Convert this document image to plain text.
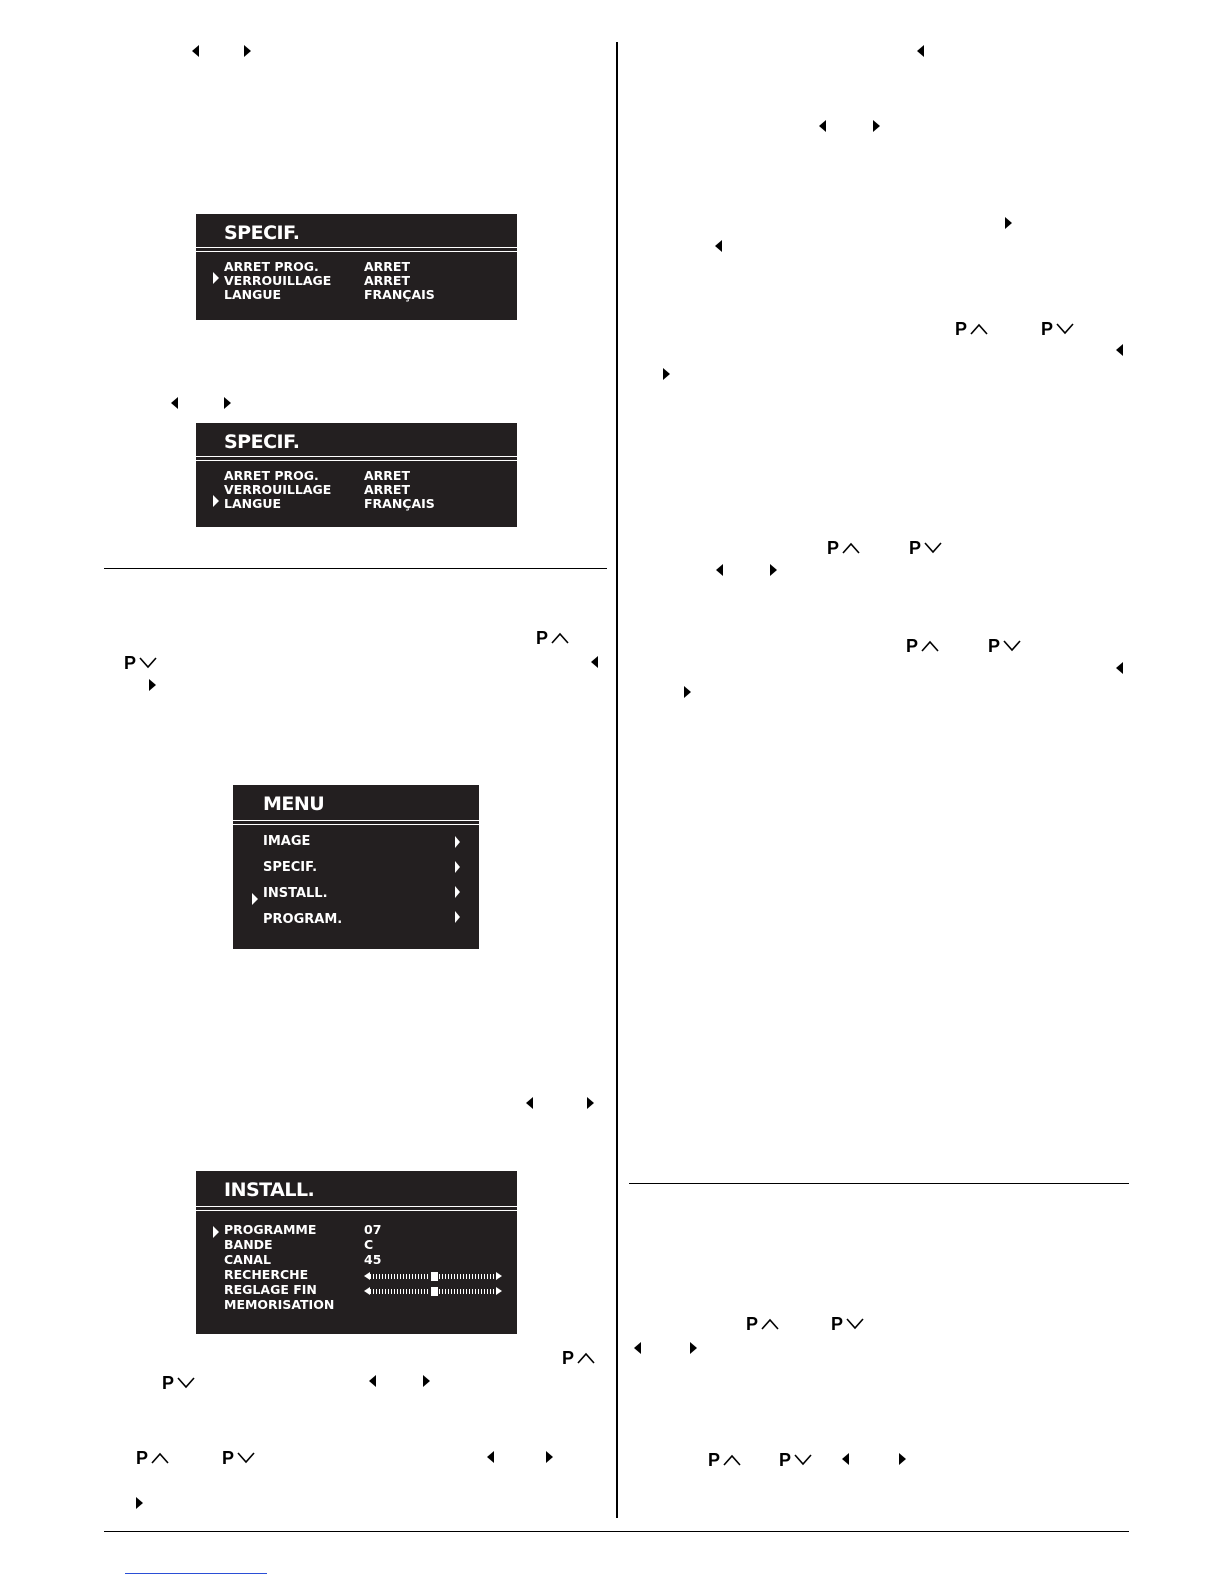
SPECIF.
ARRET PROG.	ARRET
VERROUILLAGE	ARRET
LANGUE	FRANÇAIS
SPECIF.
ARRET PROG.	ARRET
VERROUILLAGE	ARRET
LANGUE	FRANÇAIS
P
P
MENU
IMAGE
SPECIF.
INSTALL.
PROGRAM.
INSTALL.
PROGRAMME	07
BANDE	C
CANAL	45
RECHERCHE
REGLAGE FIN
MEMORISATION
P
P
P	P
P	P
P	P
P	P
P	P
P	P
